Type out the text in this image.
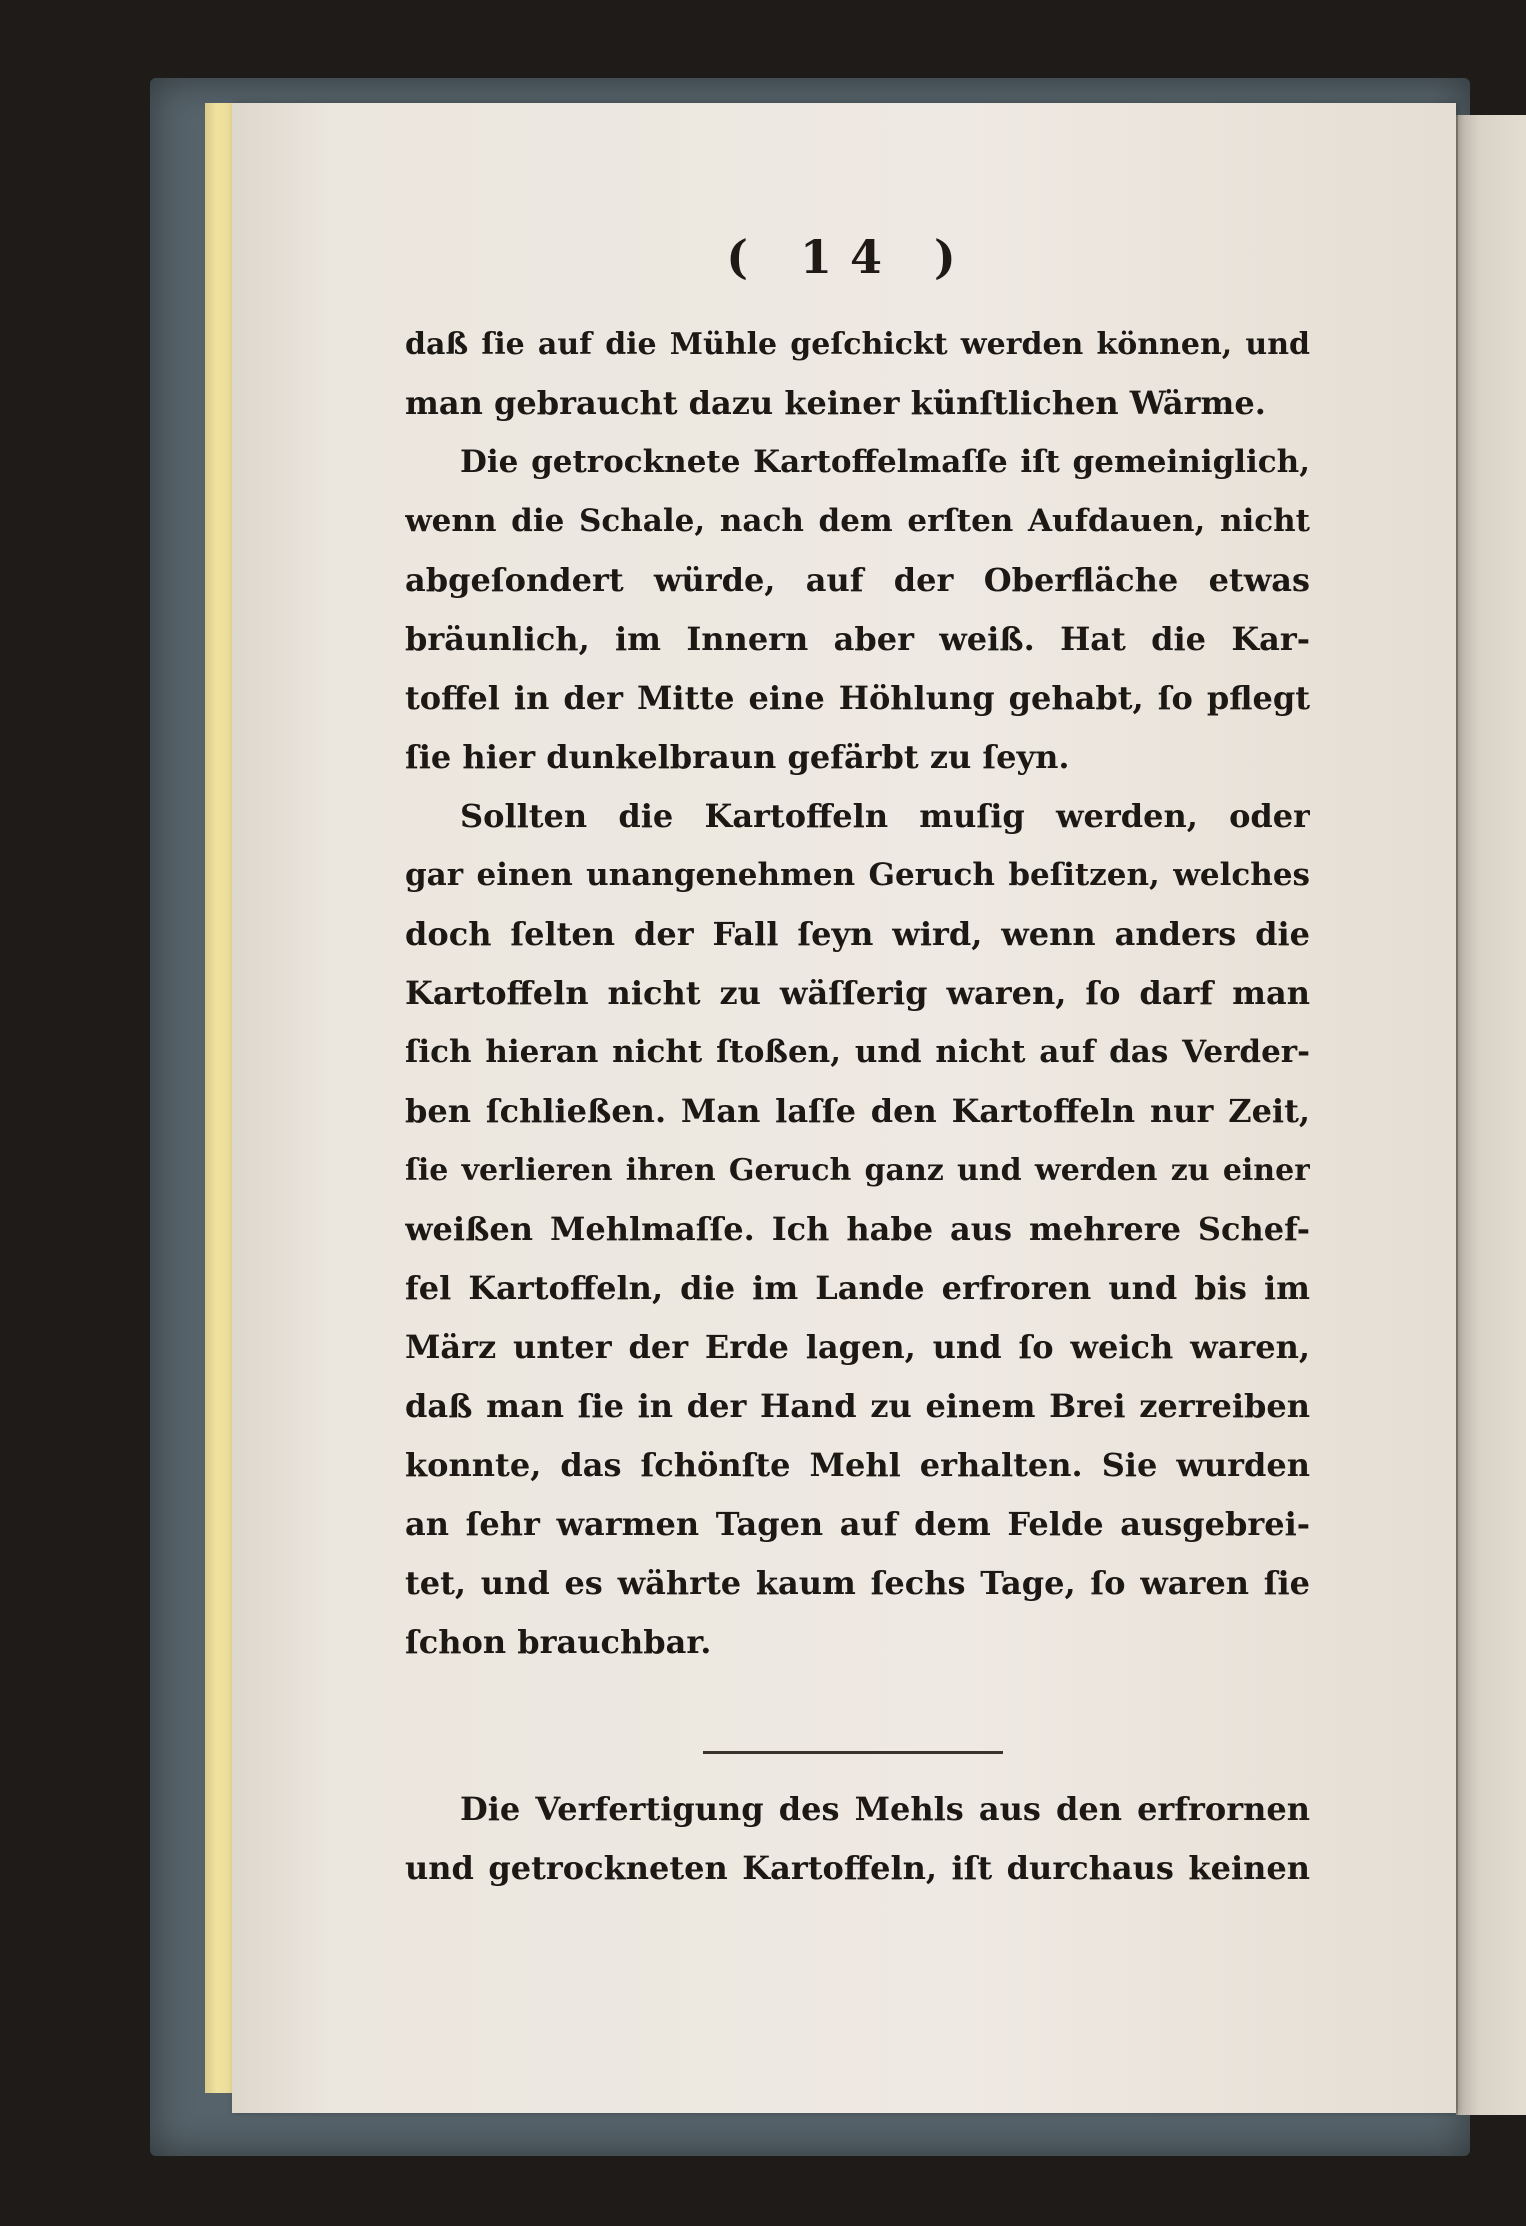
( 14 )
daß ſie auf die Mühle geſchickt werden können, und
man gebraucht dazu keiner künſtlichen Wärme.
Die getrocknete Kartoffelmaſſe iſt gemeiniglich,
wenn die Schale, nach dem erſten Aufdauen, nicht
abgeſondert würde, auf der Oberfläche etwas
bräunlich, im Innern aber weiß. Hat die Kar-
toffel in der Mitte eine Höhlung gehabt, ſo pflegt
ſie hier dunkelbraun gefärbt zu ſeyn.
Sollten die Kartoffeln muſig werden, oder
gar einen unangenehmen Geruch beſitzen, welches
doch ſelten der Fall ſeyn wird, wenn anders die
Kartoffeln nicht zu wäſſerig waren, ſo darf man
ſich hieran nicht ſtoßen, und nicht auf das Verder-
ben ſchließen. Man laſſe den Kartoffeln nur Zeit,
ſie verlieren ihren Geruch ganz und werden zu einer
weißen Mehlmaſſe. Ich habe aus mehrere Schef-
fel Kartoffeln, die im Lande erfroren und bis im
März unter der Erde lagen, und ſo weich waren,
daß man ſie in der Hand zu einem Brei zerreiben
konnte, das ſchönſte Mehl erhalten. Sie wurden
an ſehr warmen Tagen auf dem Felde ausgebrei-
tet, und es währte kaum ſechs Tage, ſo waren ſie
ſchon brauchbar.
Die Verfertigung des Mehls aus den erfrornen
und getrockneten Kartoffeln, iſt durchaus keinen
